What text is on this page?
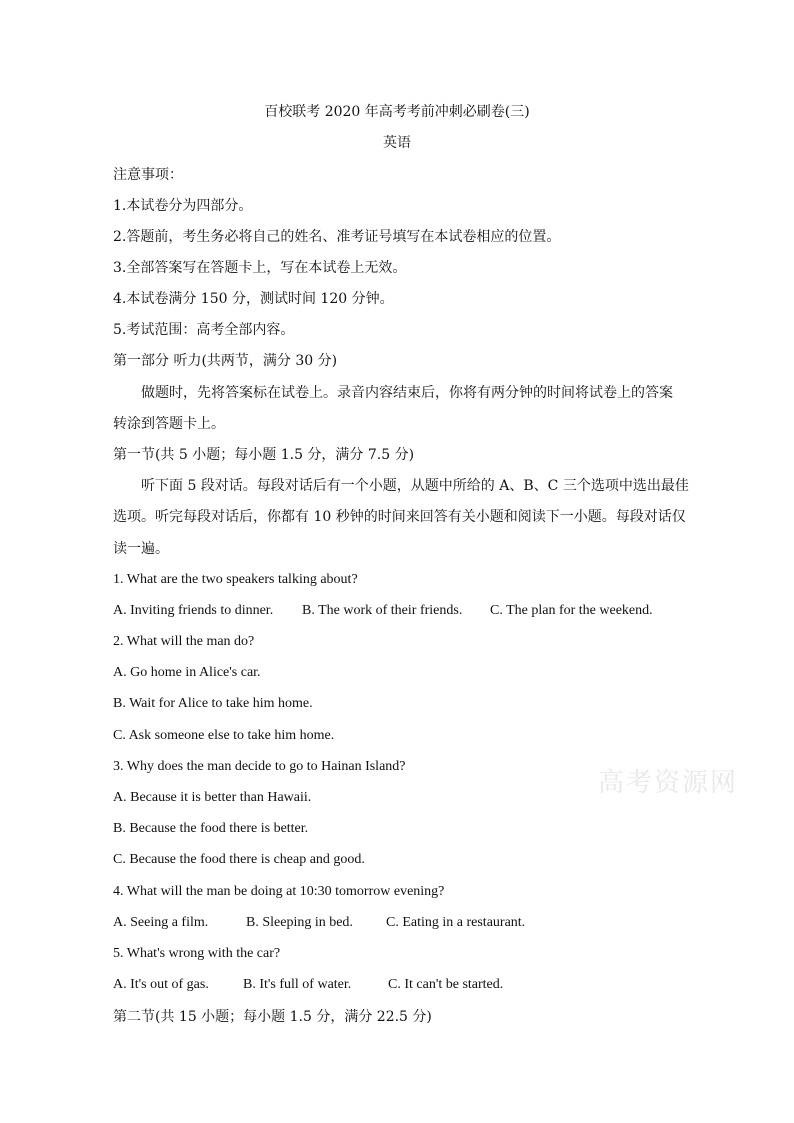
百校联考 2020 年高考考前冲刺必刷卷(三)
英语
注意事项：
1.本试卷分为四部分。
2.答题前，考生务必将自己的姓名、准考证号填写在本试卷相应的位置。
3.全部答案写在答题卡上，写在本试卷上无效。
4.本试卷满分 150 分，测试时间 120 分钟。
5.考试范围：高考全部内容。
第一部分 听力(共两节，满分 30 分)
做题时，先将答案标在试卷上。录音内容结束后，你将有两分钟的时间将试卷上的答案
转涂到答题卡上。
第一节(共 5 小题；每小题 1.5 分，满分 7.5 分)
听下面 5 段对话。每段对话后有一个小题，从题中所给的 A、B、C 三个选项中选出最佳
选项。听完每段对话后，你都有 10 秒钟的时间来回答有关小题和阅读下一小题。每段对话仅
读一遍。
1. What are the two speakers talking about?
A. Inviting friends to dinner. B. The work of their friends. C. The plan for the weekend.
2. What will the man do?
A. Go home in Alice's car.
B. Wait for Alice to take him home.
C. Ask someone else to take him home.
3. Why does the man decide to go to Hainan Island?
A. Because it is better than Hawaii.
B. Because the food there is better.
C. Because the food there is cheap and good.
4. What will the man be doing at 10:30 tomorrow evening?
A. Seeing a film.	B. Sleeping in bed. C. Eating in a restaurant.
5. What's wrong with the car?
A. It's out of gas. B. It's full of water.	C. It can't be started.
第二节(共 15 小题；每小题 1.5 分，满分 22.5 分)
高考资源网
